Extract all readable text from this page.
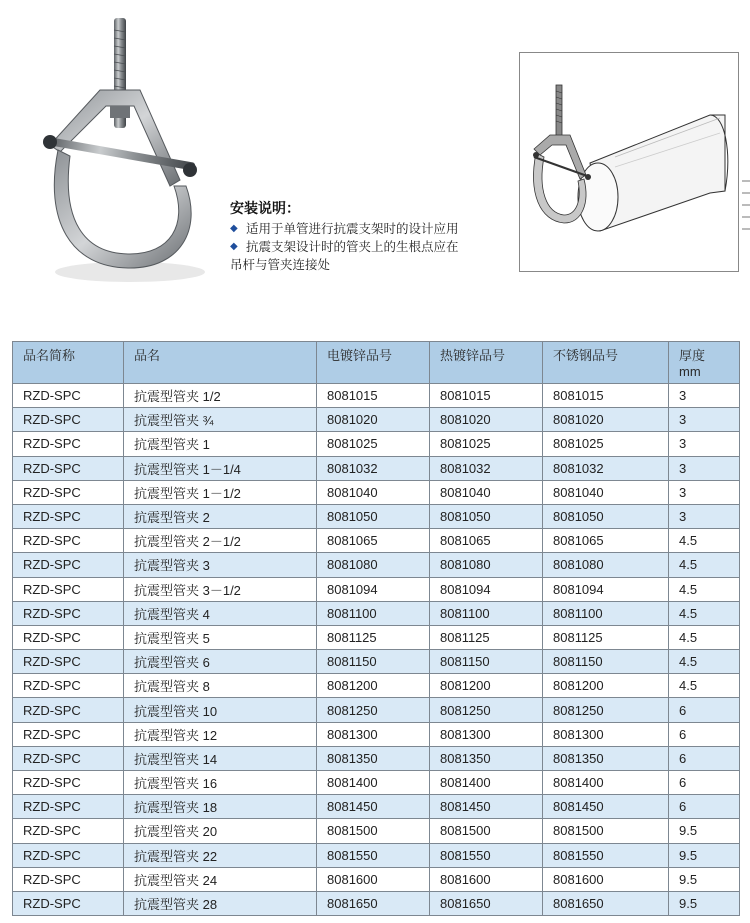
安装说明：
◆ 适用于单管进行抗震支架时的设计应用
◆ 抗震支架设计时的管夹上的生根点应在
吊杆与管夹连接处
品名简称	品名	电镀锌品号	热镀锌品号	不锈钢品号	厚度
mm

RZD-SPC	抗震型管夹 1/2	8081015	8081015	8081015	3
RZD-SPC	抗震型管夹 ¾	8081020	8081020	8081020	3
RZD-SPC	抗震型管夹 1	8081025	8081025	8081025	3
RZD-SPC	抗震型管夹 1－1/4	8081032	8081032	8081032	3
RZD-SPC	抗震型管夹 1－1/2	8081040	8081040	8081040	3
RZD-SPC	抗震型管夹 2	8081050	8081050	8081050	3
RZD-SPC	抗震型管夹 2－1/2	8081065	8081065	8081065	4.5
RZD-SPC	抗震型管夹 3	8081080	8081080	8081080	4.5
RZD-SPC	抗震型管夹 3－1/2	8081094	8081094	8081094	4.5
RZD-SPC	抗震型管夹 4	8081100	8081100	8081100	4.5
RZD-SPC	抗震型管夹 5	8081125	8081125	8081125	4.5
RZD-SPC	抗震型管夹 6	8081150	8081150	8081150	4.5
RZD-SPC	抗震型管夹 8	8081200	8081200	8081200	4.5
RZD-SPC	抗震型管夹 10	8081250	8081250	8081250	6
RZD-SPC	抗震型管夹 12	8081300	8081300	8081300	6
RZD-SPC	抗震型管夹 14	8081350	8081350	8081350	6
RZD-SPC	抗震型管夹 16	8081400	8081400	8081400	6
RZD-SPC	抗震型管夹 18	8081450	8081450	8081450	6
RZD-SPC	抗震型管夹 20	8081500	8081500	8081500	9.5
RZD-SPC	抗震型管夹 22	8081550	8081550	8081550	9.5
RZD-SPC	抗震型管夹 24	8081600	8081600	8081600	9.5
RZD-SPC	抗震型管夹 28	8081650	8081650	8081650	9.5
